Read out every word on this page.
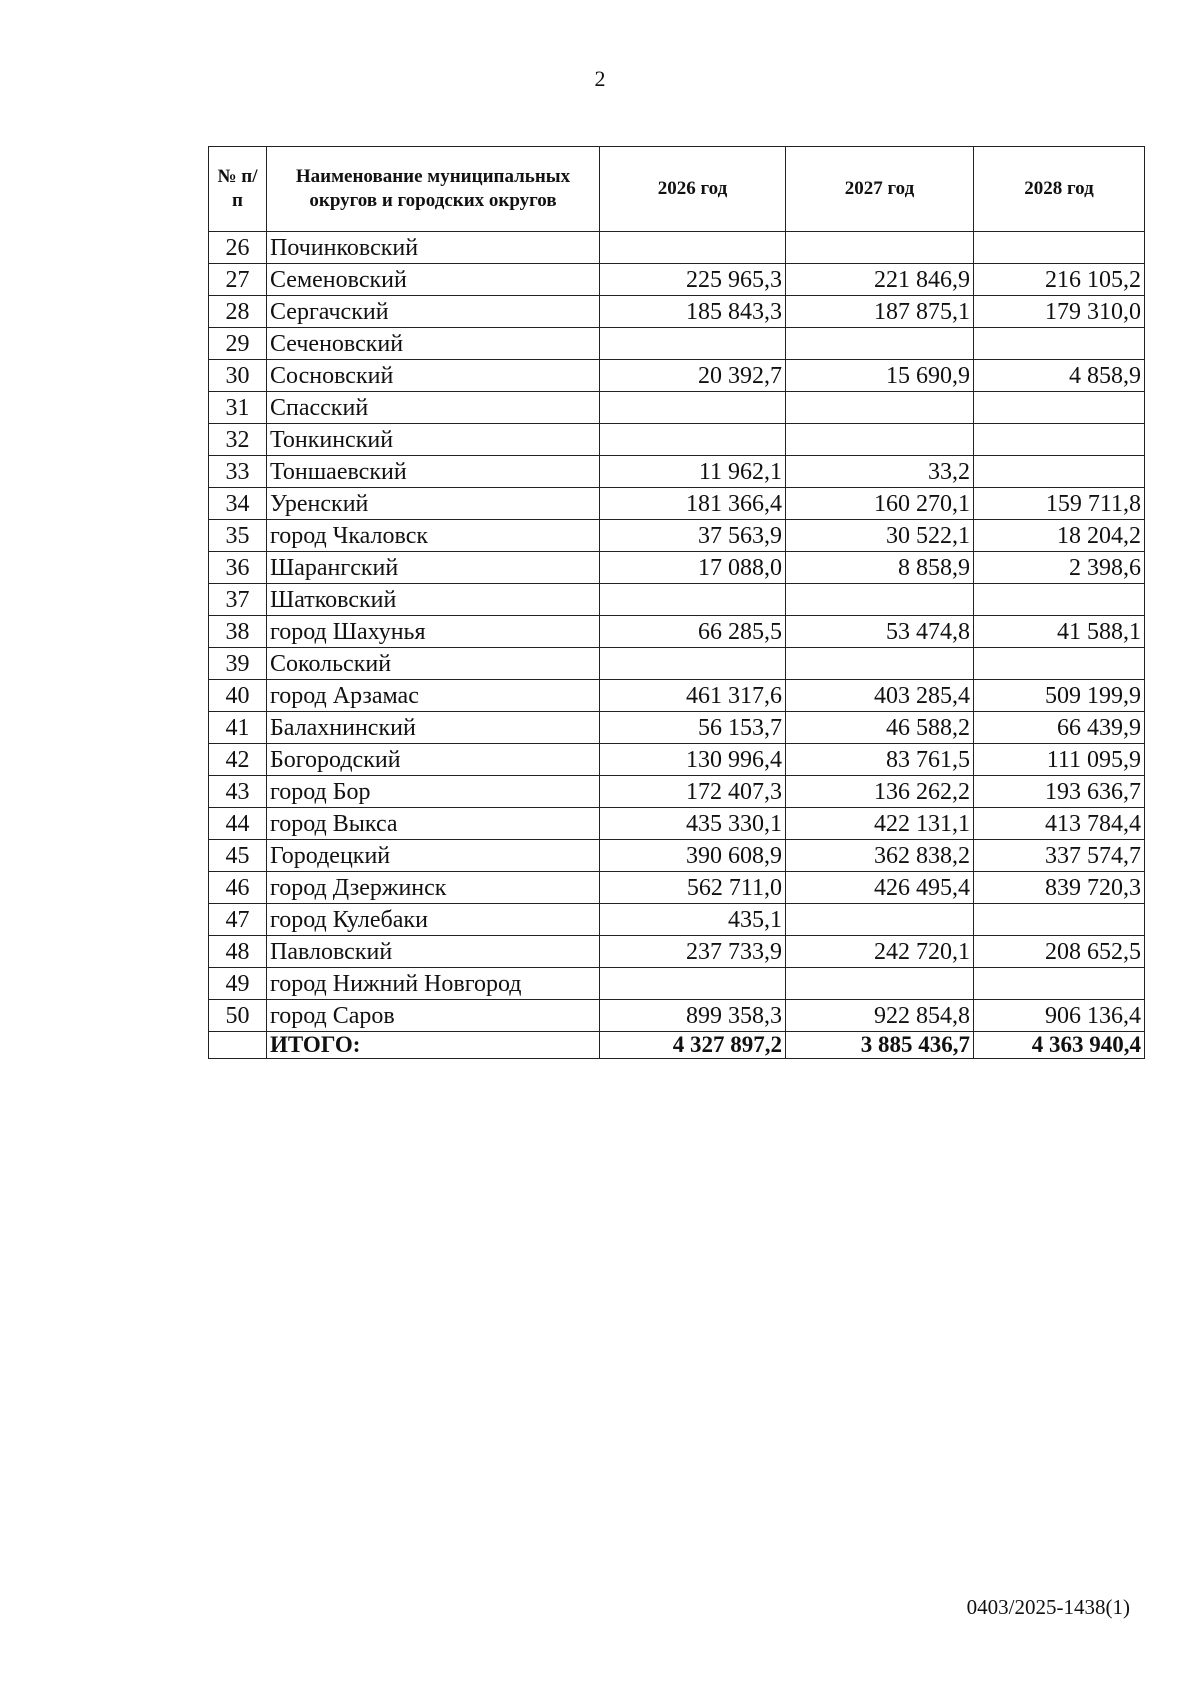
2
№ п/п	Наименование муниципальных округов и городских округов	2026 год	2027 год	2028 год
26	Починковский			
27	Семеновский	225 965,3	221 846,9	216 105,2
28	Сергачский	185 843,3	187 875,1	179 310,0
29	Сеченовский			
30	Сосновский	20 392,7	15 690,9	4 858,9
31	Спасский			
32	Тонкинский			
33	Тоншаевский	11 962,1	33,2	
34	Уренский	181 366,4	160 270,1	159 711,8
35	город Чкаловск	37 563,9	30 522,1	18 204,2
36	Шарангский	17 088,0	8 858,9	2 398,6
37	Шатковский			
38	город Шахунья	66 285,5	53 474,8	41 588,1
39	Сокольский			
40	город Арзамас	461 317,6	403 285,4	509 199,9
41	Балахнинский	56 153,7	46 588,2	66 439,9
42	Богородский	130 996,4	83 761,5	111 095,9
43	город Бор	172 407,3	136 262,2	193 636,7
44	город Выкса	435 330,1	422 131,1	413 784,4
45	Городецкий	390 608,9	362 838,2	337 574,7
46	город Дзержинск	562 711,0	426 495,4	839 720,3
47	город Кулебаки	435,1		
48	Павловский	237 733,9	242 720,1	208 652,5
49	город Нижний Новгород			
50	город Саров	899 358,3	922 854,8	906 136,4
	ИТОГО:	4 327 897,2	3 885 436,7	4 363 940,4
0403/2025-1438(1)
